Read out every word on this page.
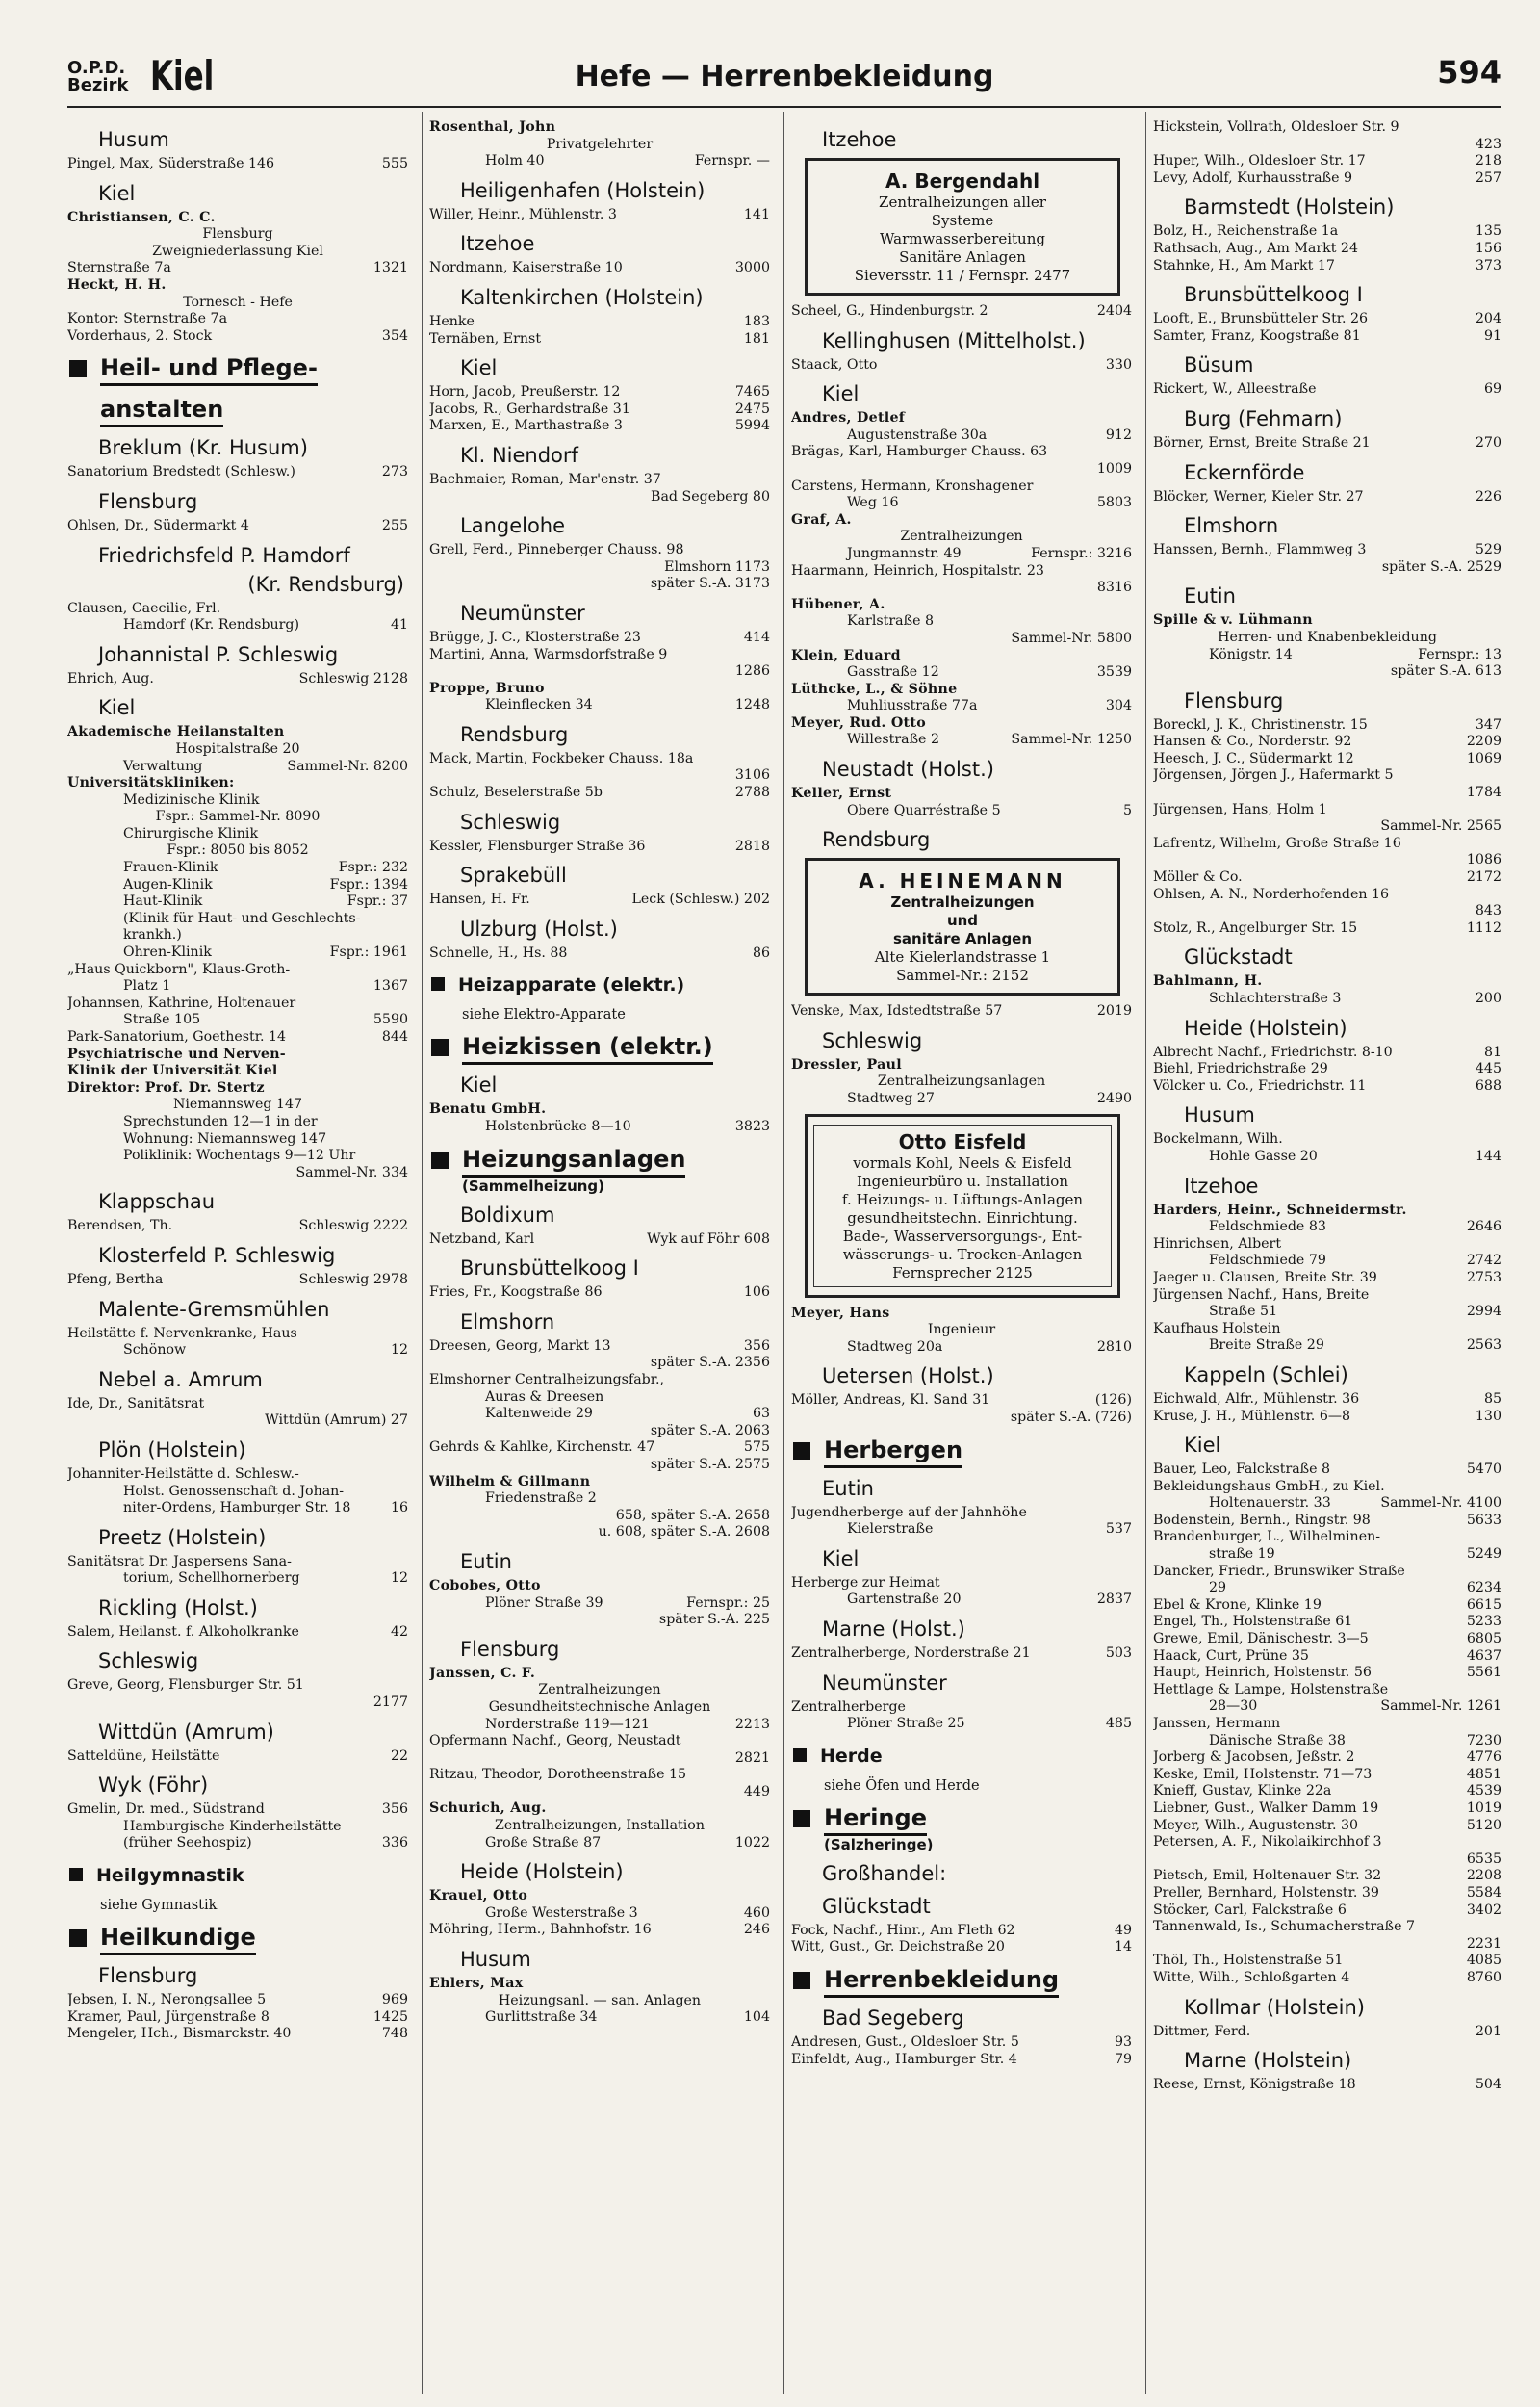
O.P.D.
Bezirk Kiel	Hefe — Herrenbekleidung	594
Husum
Pingel, Max, Süderstraße 146	555
Kiel
Christiansen, C. C.
Flensburg
Zweigniederlassung Kiel
Sternstraße 7a	1321
Heckt, H. H.
Tornesch - Hefe
Kontor: Sternstraße 7a
Vorderhaus, 2. Stock	354
Heil- und Pflege-
anstalten
Breklum (Kr. Husum)
Sanatorium Bredstedt (Schlesw.)	273
Flensburg
Ohlsen, Dr., Südermarkt 4	255
Friedrichsfeld P. Hamdorf
(Kr. Rendsburg)
Clausen, Caecilie, Frl.
Hamdorf (Kr. Rendsburg)	41
Johannistal P. Schleswig
Ehrich, Aug.	Schleswig 2128
Kiel
Akademische Heilanstalten
Hospitalstraße 20
Verwaltung	Sammel-Nr. 8200
Universitätskliniken:
Medizinische Klinik
Fspr.: Sammel-Nr. 8090
Chirurgische Klinik
Fspr.: 8050 bis 8052
Frauen-Klinik	Fspr.: 232
Augen-Klinik	Fspr.: 1394
Haut-Klinik	Fspr.: 37
(Klinik für Haut- und Geschlechts-
krankh.)
Ohren-Klinik	Fspr.: 1961
„Haus Quickborn", Klaus-Groth-
Platz 1	1367
Johannsen, Kathrine, Holtenauer
Straße 105	5590
Park-Sanatorium, Goethestr. 14	844
Psychiatrische und Nerven-
Klinik der Universität Kiel
Direktor: Prof. Dr. Stertz
Niemannsweg 147
Sprechstunden 12—1 in der
Wohnung: Niemannsweg 147
Poliklinik: Wochentags 9—12 Uhr
Sammel-Nr. 334
Klappschau
Berendsen, Th.	Schleswig 2222
Klosterfeld P. Schleswig
Pfeng, Bertha	Schleswig 2978
Malente-Gremsmühlen
Heilstätte f. Nervenkranke, Haus
Schönow	12
Nebel a. Amrum
Ide, Dr., Sanitätsrat
Wittdün (Amrum) 27
Plön (Holstein)
Johanniter-Heilstätte d. Schlesw.-
Holst. Genossenschaft d. Johan-
niter-Ordens, Hamburger Str. 18	16
Preetz (Holstein)
Sanitätsrat Dr. Jaspersens Sana-
torium, Schellhornerberg	12
Rickling (Holst.)
Salem, Heilanst. f. Alkoholkranke	42
Schleswig
Greve, Georg, Flensburger Str. 51
2177
Wittdün (Amrum)
Satteldüne, Heilstätte	22
Wyk (Föhr)
Gmelin, Dr. med., Südstrand	356
Hamburgische Kinderheilstätte
(früher Seehospiz)	336
Heilgymnastik
siehe Gymnastik
Heilkundige
Flensburg
Jebsen, I. N., Nerongsallee 5	969
Kramer, Paul, Jürgenstraße 8	1425
Mengeler, Hch., Bismarckstr. 40	748
Rosenthal, John
Privatgelehrter
Holm 40	Fernspr. —
Heiligenhafen (Holstein)
Willer, Heinr., Mühlenstr. 3	141
Itzehoe
Nordmann, Kaiserstraße 10	3000
Kaltenkirchen (Holstein)
Henke	183
Ternäben, Ernst	181
Kiel
Horn, Jacob, Preußerstr. 12	7465
Jacobs, R., Gerhardstraße 31	2475
Marxen, E., Marthastraße 3	5994
Kl. Niendorf
Bachmaier, Roman, Mar'enstr. 37
Bad Segeberg 80
Langelohe
Grell, Ferd., Pinneberger Chauss. 98
Elmshorn 1173
später S.-A. 3173
Neumünster
Brügge, J. C., Klosterstraße 23	414
Martini, Anna, Warmsdorfstraße 9
1286
Proppe, Bruno
Kleinflecken 34	1248
Rendsburg
Mack, Martin, Fockbeker Chauss. 18a
3106
Schulz, Beselerstraße 5b	2788
Schleswig
Kessler, Flensburger Straße 36	2818
Sprakebüll
Hansen, H. Fr.	Leck (Schlesw.) 202
Ulzburg (Holst.)
Schnelle, H., Hs. 88	86
Heizapparate (elektr.)
siehe Elektro-Apparate
Heizkissen (elektr.)
Kiel
Benatu GmbH.
Holstenbrücke 8—10	3823
Heizungsanlagen
(Sammelheizung)
Boldixum
Netzband, Karl	Wyk auf Föhr 608
Brunsbüttelkoog I
Fries, Fr., Koogstraße 86	106
Elmshorn
Dreesen, Georg, Markt 13	356
später S.-A. 2356
Elmshorner Centralheizungsfabr.,
Auras & Dreesen
Kaltenweide 29	63
später S.-A. 2063
Gehrds & Kahlke, Kirchenstr. 47	575
später S.-A. 2575
Wilhelm & Gillmann
Friedenstraße 2
658, später S.-A. 2658
u. 608, später S.-A. 2608
Eutin
Cobobes, Otto
Plöner Straße 39	Fernspr.: 25
später S.-A. 225
Flensburg
Janssen, C. F.
Zentralheizungen
Gesundheitstechnische Anlagen
Norderstraße 119—121	2213
Opfermann Nachf., Georg, Neustadt
2821
Ritzau, Theodor, Dorotheenstraße 15
449
Schurich, Aug.
Zentralheizungen, Installation
Große Straße 87	1022
Heide (Holstein)
Krauel, Otto
Große Westerstraße 3	460
Möhring, Herm., Bahnhofstr. 16	246
Husum
Ehlers, Max
Heizungsanl. — san. Anlagen
Gurlittstraße 34	104
Itzehoe
A. Bergendahl
Zentralheizungen aller
Systeme
Warmwasserbereitung
Sanitäre Anlagen
Sieversstr. 11 / Fernspr. 2477
Scheel, G., Hindenburgstr. 2	2404
Kellinghusen (Mittelholst.)
Staack, Otto	330
Kiel
Andres, Detlef
Augustenstraße 30a	912
Brägas, Karl, Hamburger Chauss. 63
1009
Carstens, Hermann, Kronshagener
Weg 16	5803
Graf, A.
Zentralheizungen
Jungmannstr. 49	Fernspr.: 3216
Haarmann, Heinrich, Hospitalstr. 23
8316
Hübener, A.
Karlstraße 8
Sammel-Nr. 5800
Klein, Eduard
Gasstraße 12	3539
Lüthcke, L., & Söhne
Muhliusstraße 77a	304
Meyer, Rud. Otto
Willestraße 2	Sammel-Nr. 1250
Neustadt (Holst.)
Keller, Ernst
Obere Quarréstraße 5	5
Rendsburg
A. HEINEMANN
Zentralheizungen
und
sanitäre Anlagen
Alte Kielerlandstrasse 1
Sammel-Nr.: 2152
Venske, Max, Idstedtstraße 57	2019
Schleswig
Dressler, Paul
Zentralheizungsanlagen
Stadtweg 27	2490
Otto Eisfeld
vormals Kohl, Neels & Eisfeld
Ingenieurbüro u. Installation
f. Heizungs- u. Lüftungs-Anlagen
gesundheitstechn. Einrichtung.
Bade-, Wasserversorgungs-, Ent-
wässerungs- u. Trocken-Anlagen
Fernsprecher 2125
Meyer, Hans
Ingenieur
Stadtweg 20a	2810
Uetersen (Holst.)
Möller, Andreas, Kl. Sand 31	(126)
später S.-A. (726)
Herbergen
Eutin
Jugendherberge auf der Jahnhöhe
Kielerstraße	537
Kiel
Herberge zur Heimat
Gartenstraße 20	2837
Marne (Holst.)
Zentralherberge, Norderstraße 21	503
Neumünster
Zentralherberge
Plöner Straße 25	485
Herde
siehe Öfen und Herde
Heringe
(Salzheringe)
Großhandel:
Glückstadt
Fock, Nachf., Hinr., Am Fleth 62	49
Witt, Gust., Gr. Deichstraße 20	14
Herrenbekleidung
Bad Segeberg
Andresen, Gust., Oldesloer Str. 5	93
Einfeldt, Aug., Hamburger Str. 4	79
Hickstein, Vollrath, Oldesloer Str. 9
423
Huper, Wilh., Oldesloer Str. 17	218
Levy, Adolf, Kurhausstraße 9	257
Barmstedt (Holstein)
Bolz, H., Reichenstraße 1a	135
Rathsach, Aug., Am Markt 24	156
Stahnke, H., Am Markt 17	373
Brunsbüttelkoog I
Looft, E., Brunsbütteler Str. 26	204
Samter, Franz, Koogstraße 81	91
Büsum
Rickert, W., Alleestraße	69
Burg (Fehmarn)
Börner, Ernst, Breite Straße 21	270
Eckernförde
Blöcker, Werner, Kieler Str. 27	226
Elmshorn
Hanssen, Bernh., Flammweg 3	529
später S.-A. 2529
Eutin
Spille & v. Lühmann
Herren- und Knabenbekleidung
Königstr. 14	Fernspr.: 13
später S.-A. 613
Flensburg
Boreckl, J. K., Christinenstr. 15	347
Hansen & Co., Norderstr. 92	2209
Heesch, J. C., Südermarkt 12	1069
Jörgensen, Jörgen J., Hafermarkt 5
1784
Jürgensen, Hans, Holm 1
Sammel-Nr. 2565
Lafrentz, Wilhelm, Große Straße 16
1086
Möller & Co.	2172
Ohlsen, A. N., Norderhofenden 16
843
Stolz, R., Angelburger Str. 15	1112
Glückstadt
Bahlmann, H.
Schlachterstraße 3	200
Heide (Holstein)
Albrecht Nachf., Friedrichstr. 8-10	81
Biehl, Friedrichstraße 29	445
Völcker u. Co., Friedrichstr. 11	688
Husum
Bockelmann, Wilh.
Hohle Gasse 20	144
Itzehoe
Harders, Heinr., Schneidermstr.
Feldschmiede 83	2646
Hinrichsen, Albert
Feldschmiede 79	2742
Jaeger u. Clausen, Breite Str. 39	2753
Jürgensen Nachf., Hans, Breite
Straße 51	2994
Kaufhaus Holstein
Breite Straße 29	2563
Kappeln (Schlei)
Eichwald, Alfr., Mühlenstr. 36	85
Kruse, J. H., Mühlenstr. 6—8	130
Kiel
Bauer, Leo, Falckstraße 8	5470
Bekleidungshaus GmbH., zu Kiel.
Holtenauerstr. 33	Sammel-Nr. 4100
Bodenstein, Bernh., Ringstr. 98	5633
Brandenburger, L., Wilhelminen-
straße 19	5249
Dancker, Friedr., Brunswiker Straße
29	6234
Ebel & Krone, Klinke 19	6615
Engel, Th., Holstenstraße 61	5233
Grewe, Emil, Dänischestr. 3—5	6805
Haack, Curt, Prüne 35	4637
Haupt, Heinrich, Holstenstr. 56	5561
Hettlage & Lampe, Holstenstraße
28—30	Sammel-Nr. 1261
Janssen, Hermann
Dänische Straße 38	7230
Jorberg & Jacobsen, Jeßstr. 2	4776
Keske, Emil, Holstenstr. 71—73	4851
Knieff, Gustav, Klinke 22a	4539
Liebner, Gust., Walker Damm 19	1019
Meyer, Wilh., Augustenstr. 30	5120
Petersen, A. F., Nikolaikirchhof 3
6535
Pietsch, Emil, Holtenauer Str. 32	2208
Preller, Bernhard, Holstenstr. 39	5584
Stöcker, Carl, Falckstraße 6	3402
Tannenwald, Is., Schumacherstraße 7
2231
Thöl, Th., Holstenstraße 51	4085
Witte, Wilh., Schloßgarten 4	8760
Kollmar (Holstein)
Dittmer, Ferd.	201
Marne (Holstein)
Reese, Ernst, Königstraße 18	504
